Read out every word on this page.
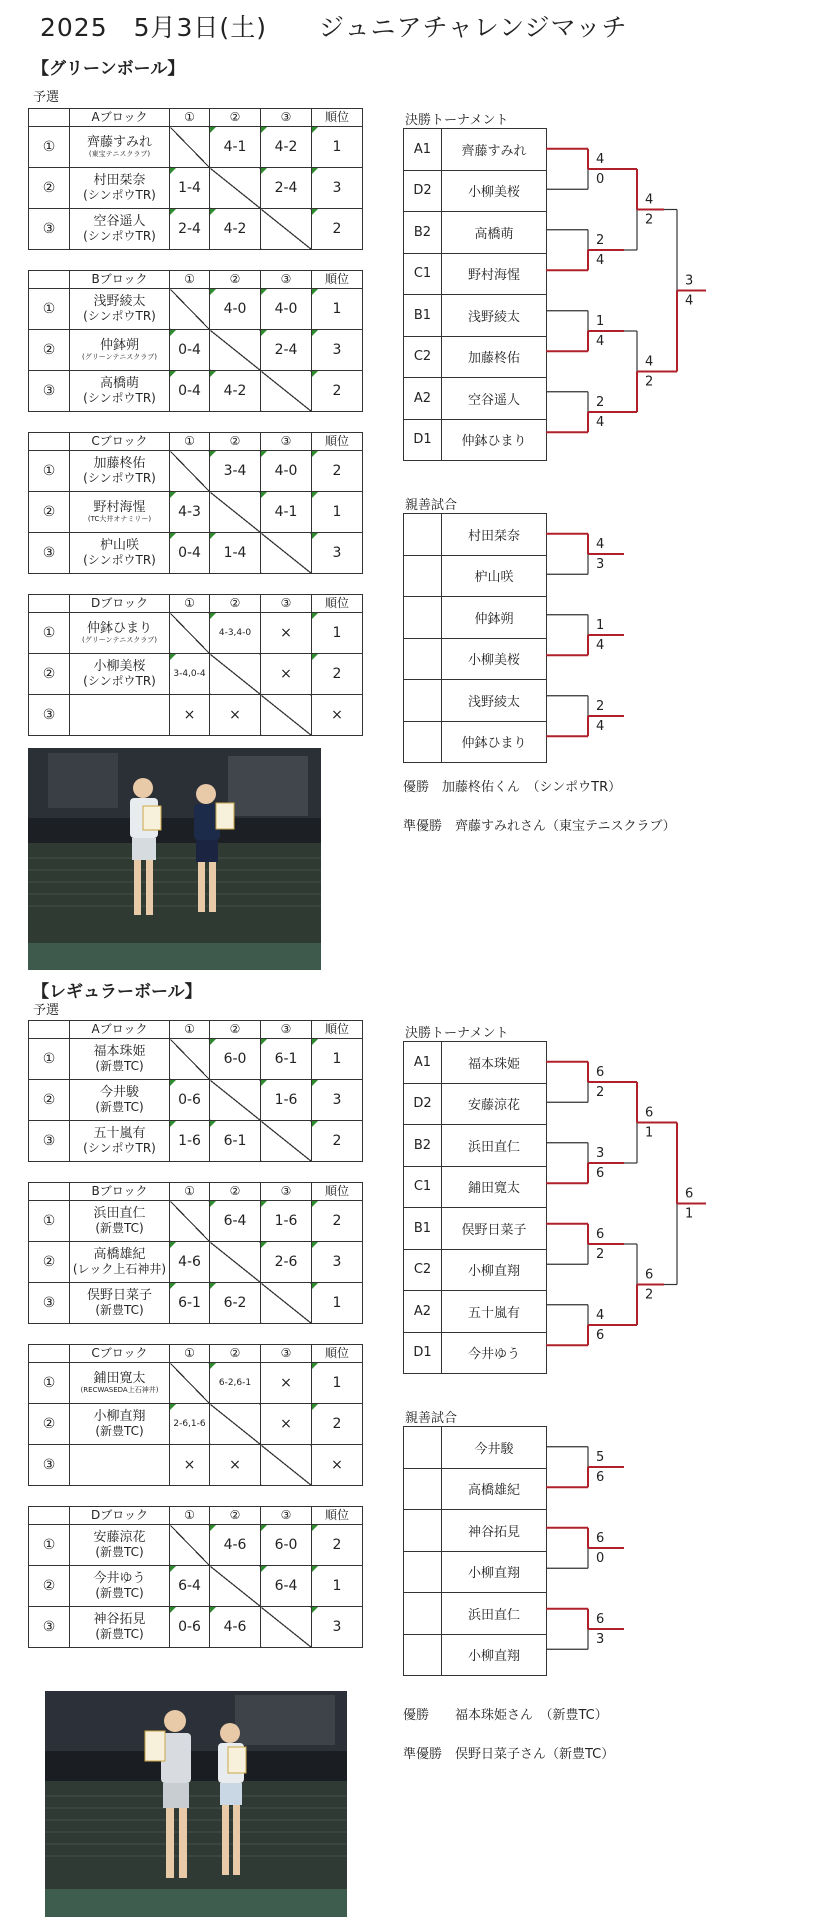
2025　5月3日(土)　　ジュニアチャレンジマッチ
【グリーンボール】
予選
	Aブロック	①	②	③	順位
①	齊藤すみれ
(東宝テニスクラブ)		4-1	4-2	1
②	村田栞奈
(シンポウTR)	1-4		2-4	3
③	空谷遥人
(シンポウTR)	2-4	4-2		2
	Bブロック	①	②	③	順位
①	浅野綾太
(シンポウTR)		4-0	4-0	1
②	仲鉢朔
(グリーンテニスクラブ)	0-4		2-4	3
③	高橋萌
(シンポウTR)	0-4	4-2		2
	Cブロック	①	②	③	順位
①	加藤柊佑
(シンポウTR)		3-4	4-0	2
②	野村海惺
(TC大井オナミリー)	4-3		4-1	1
③	枦山咲
(シンポウTR)	0-4	1-4		3
	Dブロック	①	②	③	順位
①	仲鉢ひまり
(グリーンテニスクラブ)		4-3,4-0	×	1
②	小柳美桜
(シンポウTR)	3-4,0-4		×	2
③		×	×		×
決勝トーナメント
A1	齊藤すみれ
D2	小柳美桜
B2	高橋萌
C1	野村海惺
B1	浅野綾太
C2	加藤柊佑
A2	空谷遥人
D1	仲鉢ひまり
親善試合
	村田栞奈
	枦山咲
	仲鉢朔
	小柳美桜
	浅野綾太
	仲鉢ひまり
優勝　加藤柊佑くん　（シンポウTR）
準優勝　齊藤すみれさん（東宝テニスクラブ）
【レギュラーボール】
予選
	Aブロック	①	②	③	順位
①	福本珠姫
(新豊TC)		6-0	6-1	1
②	今井駿
(新豊TC)	0-6		1-6	3
③	五十嵐有
(シンポウTR)	1-6	6-1		2
	Bブロック	①	②	③	順位
①	浜田直仁
(新豊TC)		6-4	1-6	2
②	高橋雄紀
(レック上石神井)	4-6		2-6	3
③	俣野日菜子
(新豊TC)	6-1	6-2		1
	Cブロック	①	②	③	順位
①	鋪田寛太
(RECWASEDA上石神井)		6-2,6-1	×	1
②	小柳直翔
(新豊TC)	2-6,1-6		×	2
③		×	×		×
	Dブロック	①	②	③	順位
①	安藤涼花
(新豊TC)		4-6	6-0	2
②	今井ゆう
(新豊TC)	6-4		6-4	1
③	神谷拓見
(新豊TC)	0-6	4-6		3
決勝トーナメント
A1	福本珠姫
D2	安藤涼花
B2	浜田直仁
C1	鋪田寛太
B1	俣野日菜子
C2	小柳直翔
A2	五十嵐有
D1	今井ゆう
親善試合
	今井駿
	高橋雄紀
	神谷拓見
	小柳直翔
	浜田直仁
	小柳直翔
優勝　　福本珠姫さん　（新豊TC）
準優勝　俣野日菜子さん（新豊TC）
4
0
2
4
1
4
2
4
4
2
4
2
3
4
6
2
3
6
6
2
4
6
6
1
6
2
6
1
4
3
1
4
2
4
5
6
6
0
6
3
